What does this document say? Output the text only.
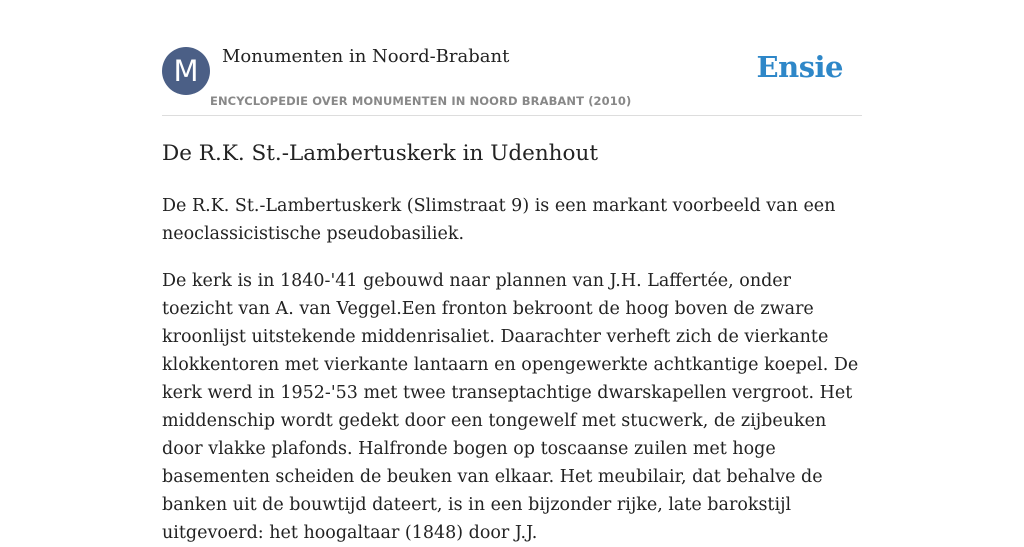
M	Monumenten in Noord-Brabant
ENCYCLOPEDIE OVER MONUMENTEN IN NOORD BRABANT (2010)
Ensie
De R.K. St.-Lambertuskerk in Udenhout

De R.K. St.-Lambertuskerk (Slimstraat 9) is een markant voorbeeld van een neoclassicistische pseudobasiliek.

De kerk is in 1840-'41 gebouwd naar plannen van J.H. Laffertée, onder toezicht van A. van Veggel.Een fronton bekroont de hoog boven de zware kroonlijst uitstekende middenrisaliet. Daarachter verheft zich de vierkante klokkentoren met vierkante lantaarn en opengewerkte achtkantige koepel. De kerk werd in 1952-'53 met twee transeptachtige dwarskapellen vergroot. Het middenschip wordt gedekt door een tongewelf met stucwerk, de zijbeuken door vlakke plafonds. Halfronde bogen op toscaanse zuilen met hoge basementen scheiden de beuken van elkaar. Het meubilair, dat behalve de banken uit de bouwtijd dateert, is in een bijzonder rijke, late barokstijl uitgevoerd: het hoogaltaar (1848) door J.J.
